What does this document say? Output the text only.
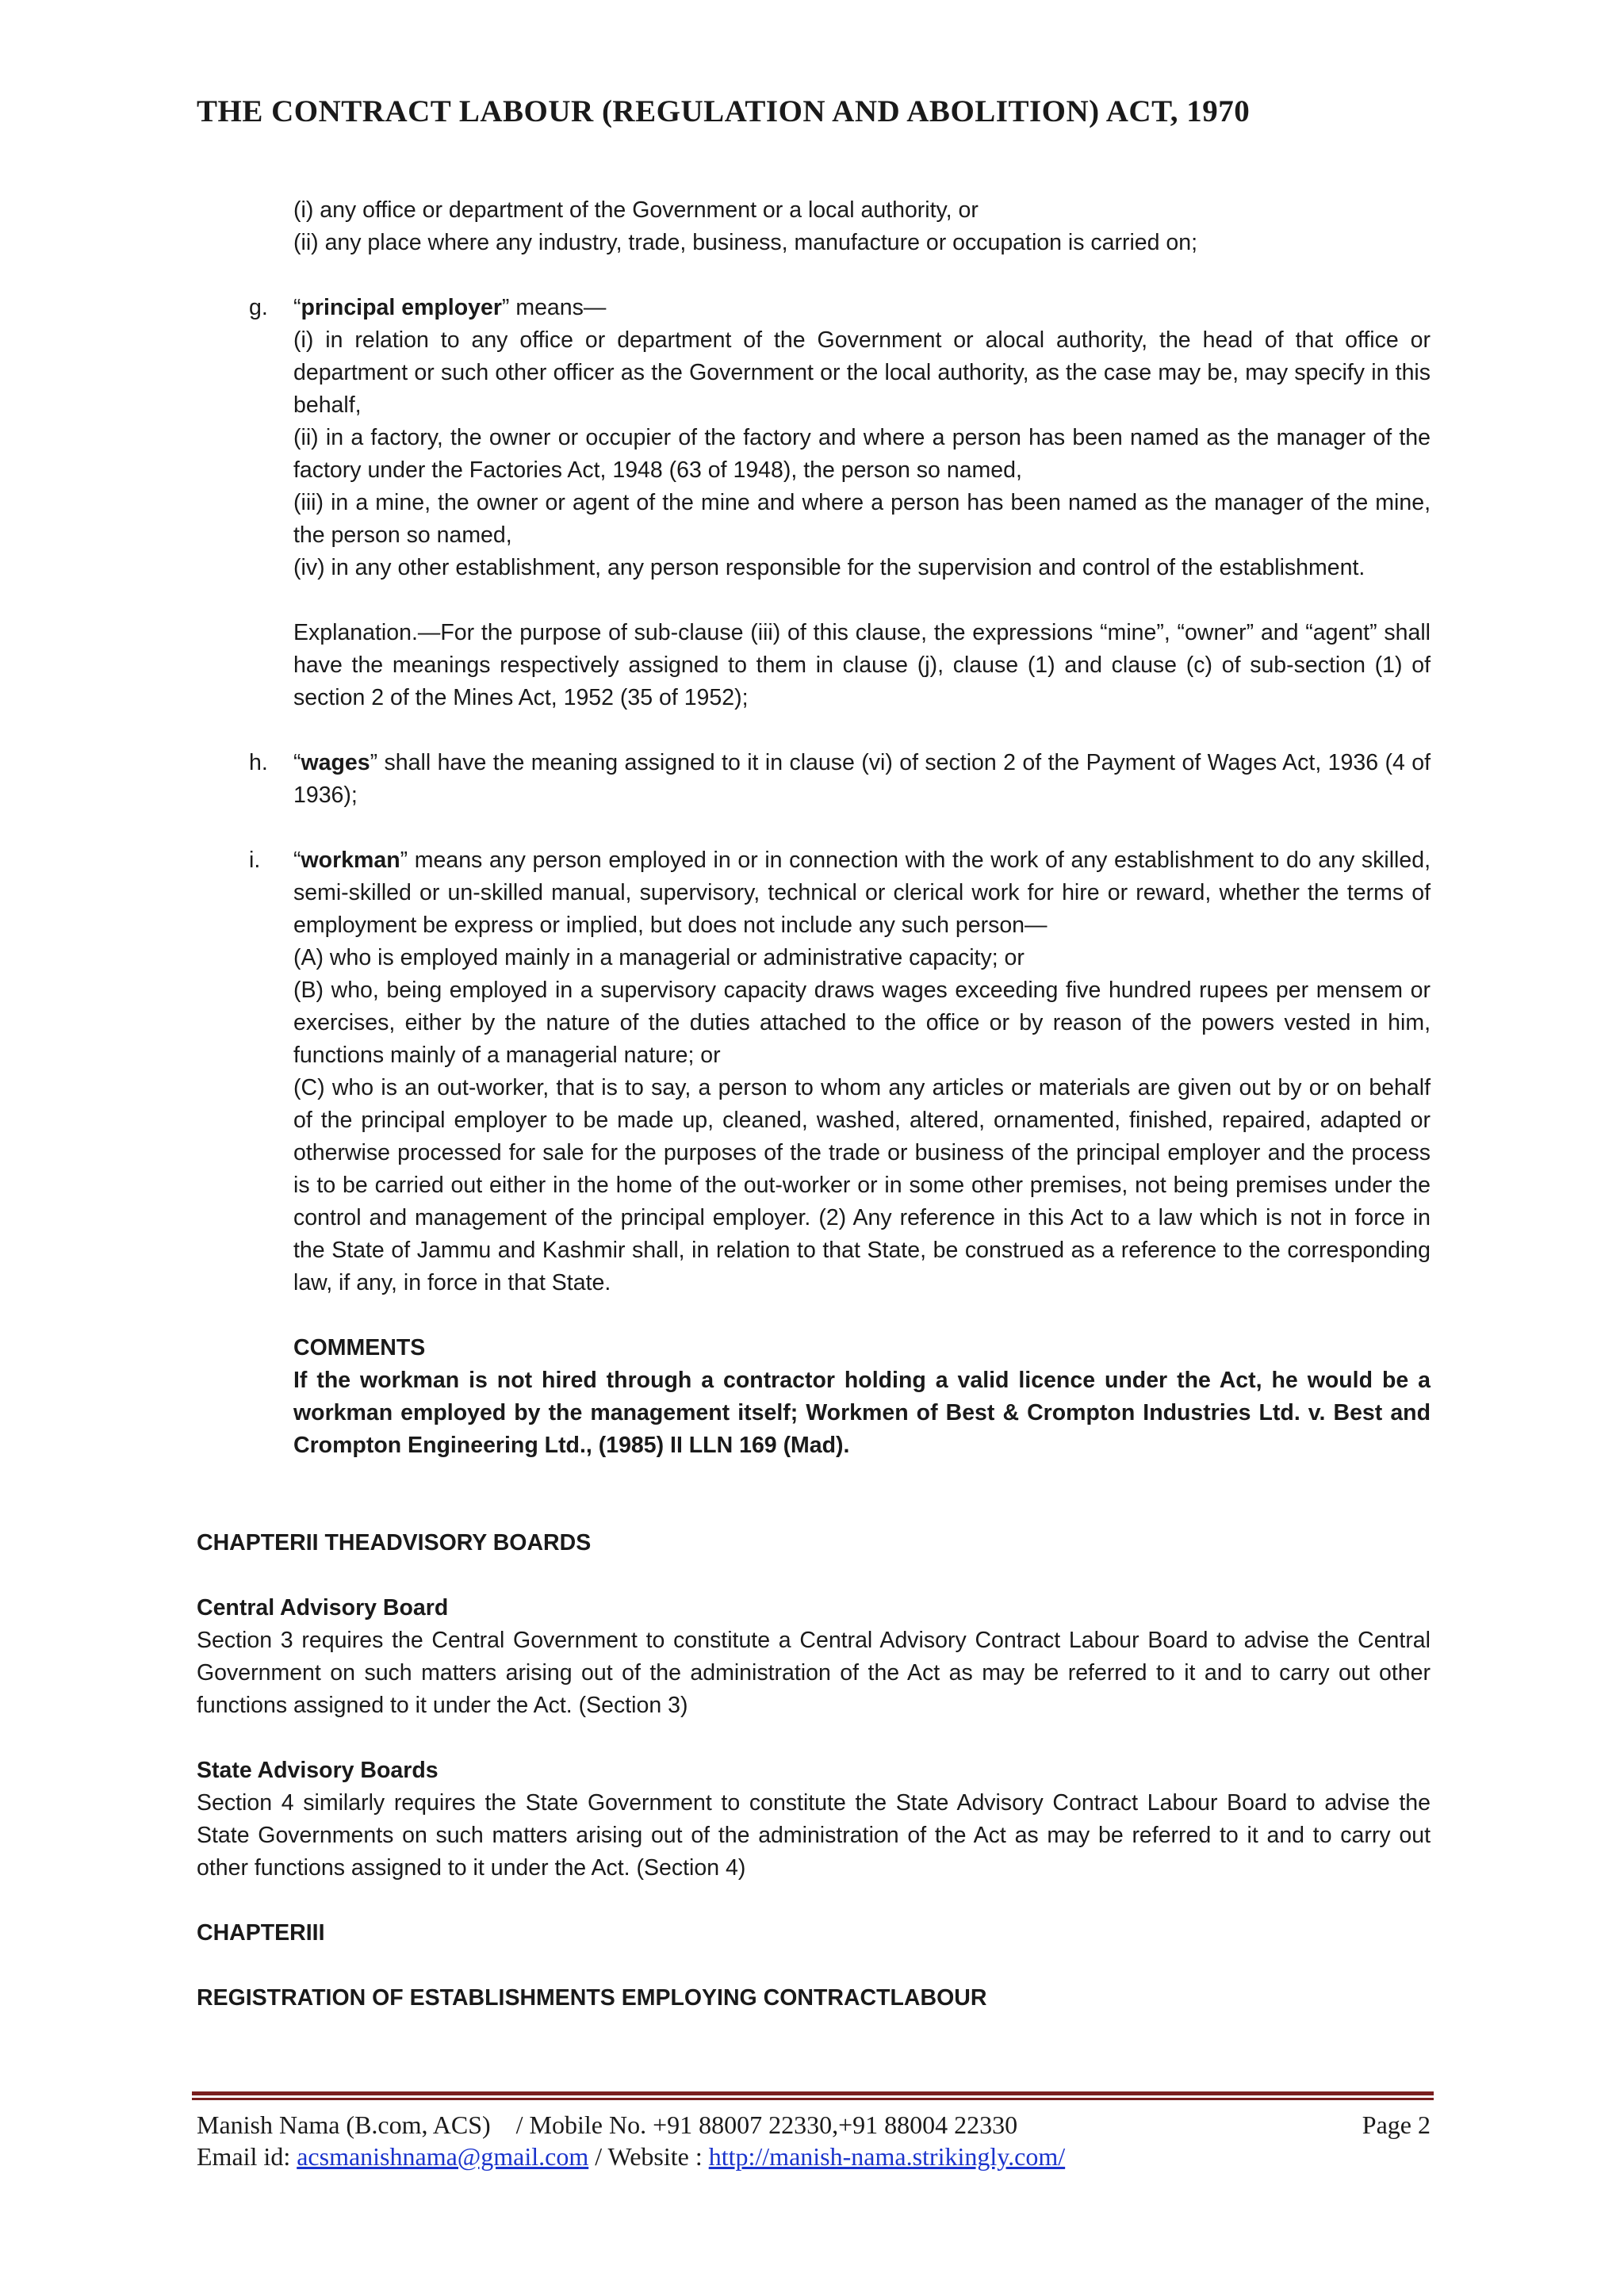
THE CONTRACT LABOUR (REGULATION AND ABOLITION) ACT, 1970

(i) any office or department of the Government or a local authority, or

(ii) any place where any industry, trade, business, manufacture or occupation is carried on;

g. “principal employer” means—

(i) in relation to any office or department of the Government or alocal authority, the head of that office or department or such other officer as the Government or the local authority, as the case may be, may specify in this behalf,

(ii) in a factory, the owner or occupier of the factory and where a person has been named as the manager of the factory under the Factories Act, 1948 (63 of 1948), the person so named,

(iii) in a mine, the owner or agent of the mine and where a person has been named as the manager of the mine, the person so named,

(iv) in any other establishment, any person responsible for the supervision and control of the establishment.

Explanation.—For the purpose of sub-clause (iii) of this clause, the expressions “mine”, “owner” and “agent” shall have the meanings respectively assigned to them in clause (j), clause (1) and clause (c) of sub-section (1) of section 2 of the Mines Act, 1952 (35 of 1952);

h. “wages” shall have the meaning assigned to it in clause (vi) of section 2 of the Payment of Wages Act, 1936 (4 of 1936);

i. “workman” means any person employed in or in connection with the work of any establishment to do any skilled, semi-skilled or un-skilled manual, supervisory, technical or clerical work for hire or reward, whether the terms of employment be express or implied, but does not include any such person—

(A) who is employed mainly in a managerial or administrative capacity; or

(B) who, being employed in a supervisory capacity draws wages exceeding five hundred rupees per mensem or exercises, either by the nature of the duties attached to the office or by reason of the powers vested in him, functions mainly of a managerial nature; or

(C) who is an out-worker, that is to say, a person to whom any articles or materials are given out by or on behalf of the principal employer to be made up, cleaned, washed, altered, ornamented, finished, repaired, adapted or otherwise processed for sale for the purposes of the trade or business of the principal employer and the process is to be carried out either in the home of the out-worker or in some other premises, not being premises under the control and management of the principal employer. (2) Any reference in this Act to a law which is not in force in the State of Jammu and Kashmir shall, in relation to that State, be construed as a reference to the corresponding law, if any, in force in that State.

COMMENTS

If the workman is not hired through a contractor holding a valid licence under the Act, he would be a workman employed by the management itself; Workmen of Best & Crompton Industries Ltd. v. Best and Crompton Engineering Ltd., (1985) II LLN 169 (Mad).

CHAPTERII THEADVISORY BOARDS

Central Advisory Board

Section 3 requires the Central Government to constitute a Central Advisory Contract Labour Board to advise the Central Government on such matters arising out of the administration of the Act as may be referred to it and to carry out other functions assigned to it under the Act. (Section 3)

State Advisory Boards

Section 4 similarly requires the State Government to constitute the State Advisory Contract Labour Board to advise the State Governments on such matters arising out of the administration of the Act as may be referred to it and to carry out other functions assigned to it under the Act. (Section 4)

CHAPTERIII

REGISTRATION OF ESTABLISHMENTS EMPLOYING CONTRACTLABOUR

Manish Nama (B.com, ACS) / Mobile No. +91 88007 22330,+91 88004 22330	Page 2
Email id: acsmanishnama@gmail.com / Website : http://manish-nama.strikingly.com/
